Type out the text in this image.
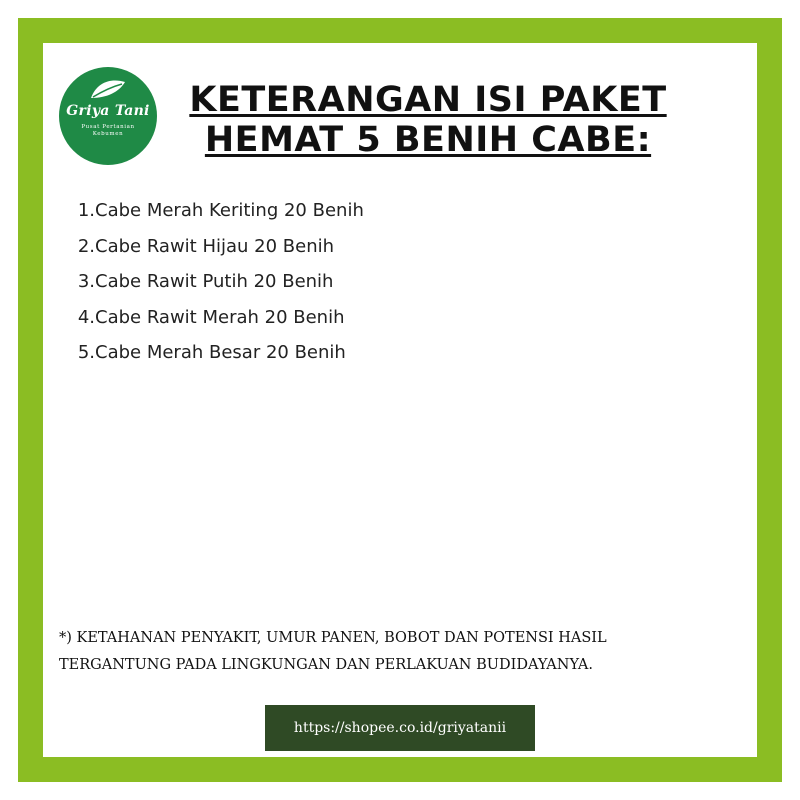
Griya Tani
Pusat Pertanian Kebumen
KETERANGAN ISI PAKET
HEMAT 5 BENIH CABE:
1. Cabe Merah Keriting 20 Benih
2. Cabe Rawit Hijau 20 Benih
3. Cabe Rawit Putih 20 Benih
4. Cabe Rawit Merah 20 Benih
5. Cabe Merah Besar 20 Benih
*) KETAHANAN PENYAKIT, UMUR PANEN, BOBOT DAN POTENSI HASIL
TERGANTUNG PADA LINGKUNGAN DAN PERLAKUAN BUDIDAYANYA.
https://shopee.co.id/griyatanii
